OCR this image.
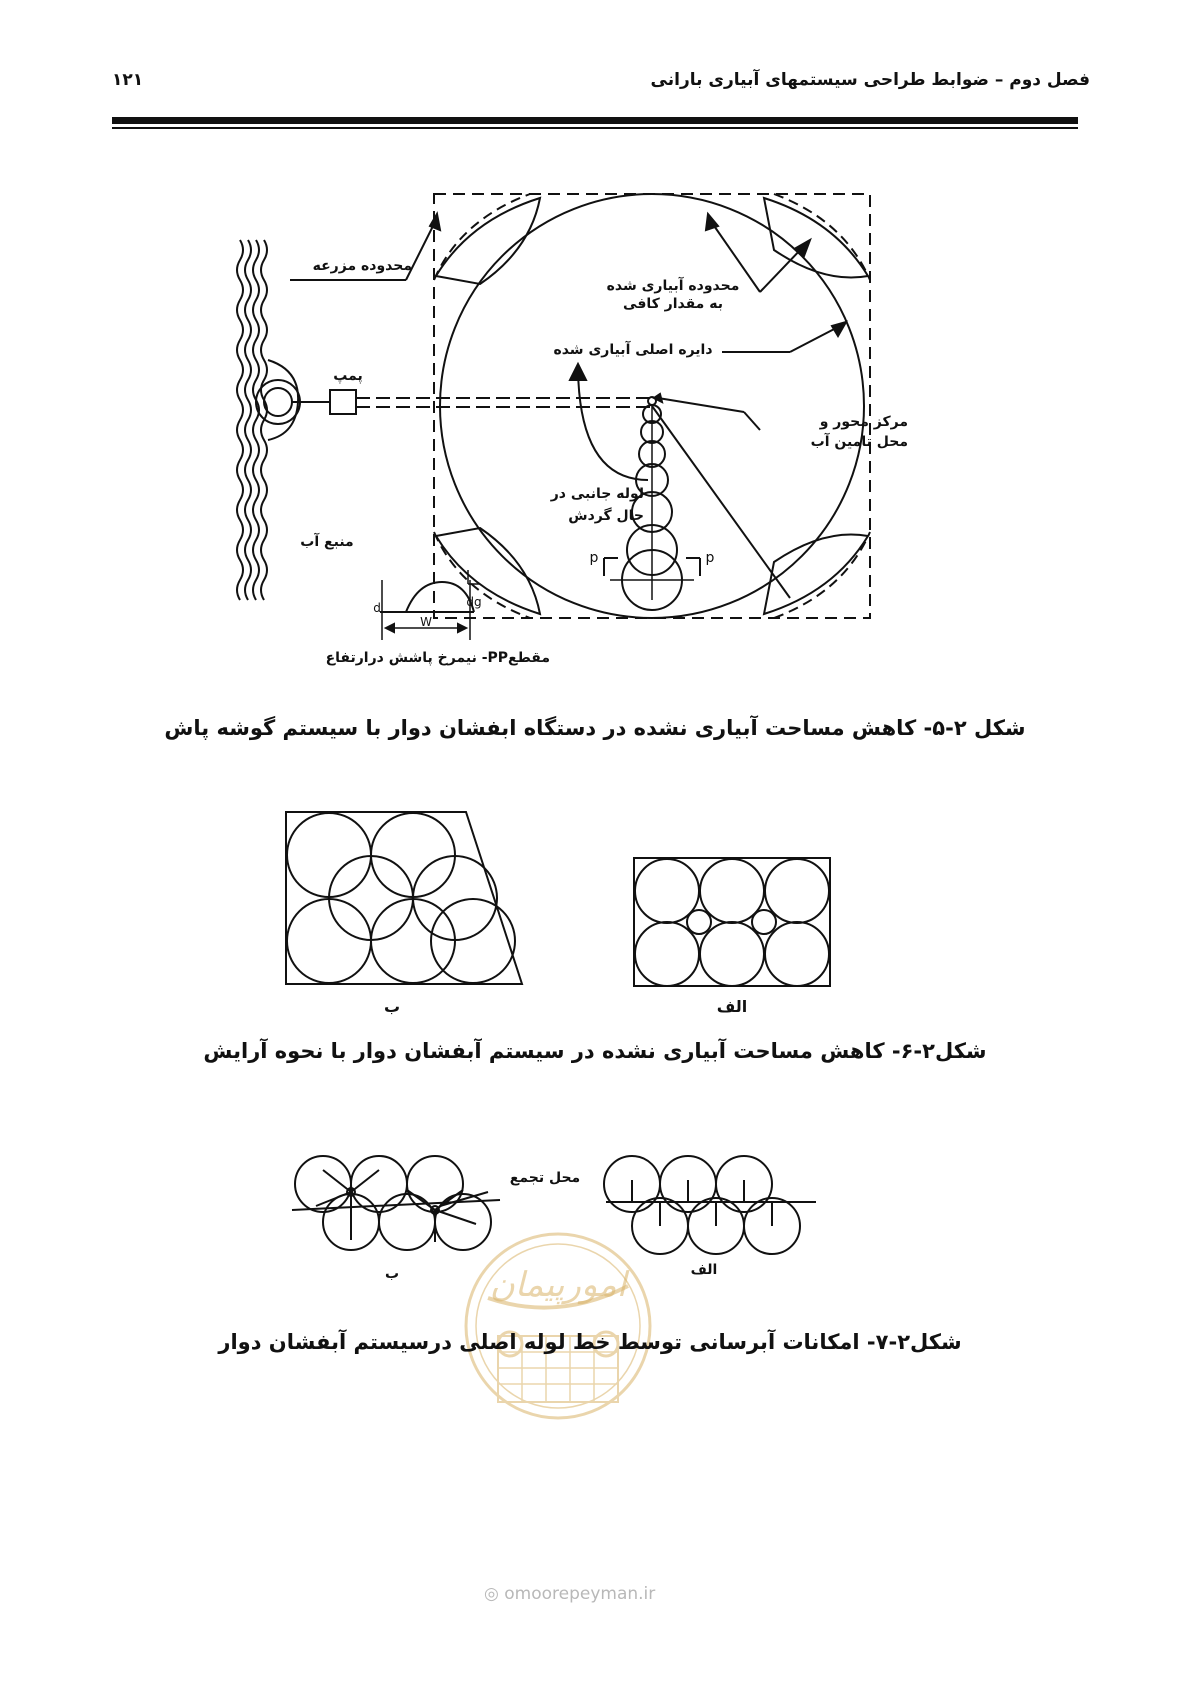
فصل دوم – ضوابط طراحی سیستمهای آبیاری بارانی
۱۲۱
پمپ
p	p
d	dg
W
محدوده مزرعه
محدوده آبیاری شده
به مقدار کافی
دایره اصلی آبیاری شده
مرکز محور و
محل تامین آب
لوله جانبی در
حال گردش
منبع آب
مقطعPP- نیمرخ پاشش درارتفاع
شکل ۲-۵- کاهش مساحت آبیاری نشده در دستگاه ابفشان دوار با سیستم گوشه پاش
ب	الف
شکل۲-۶- کاهش مساحت آبیاری نشده در سیستم آبفشان دوار با نحوه آرایش
ب	الف
محل تجمع
امورپیمان
شکل۲-۷- امکانات آبرسانی توسط خط لوله اصلی درسیستم آبفشان دوار
◎ omoorepeyman.ir
